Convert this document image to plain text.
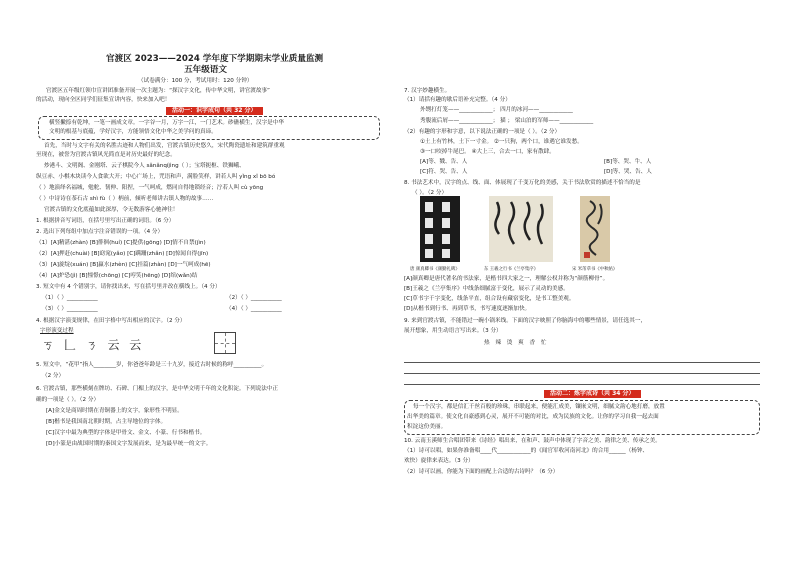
官渡区 2023——2024 学年度下学期期末学业质量监测
五年级语文
（试卷满分：100 分，考试用时：120 分钟）
官渡区五年级红领巾宣讲团准备开展一次主题为：“探汉字文化，传中华文明，讲官渡故事”
的活动，现向全区同学们征集宣讲内容，快来加入吧！
活动一：识字成句（共 32 分）
横竖撇捺有乾坤，一笔一画成文章。一字谷一月，万字一江，一门艺术。砂礁横生，汉字是中华
文明的根基与底蕴，学好汉字，方能领悟文化中华之美学问的真谛。
首先，当时与文字有关的名胜古迹和人物们出发，官渡古镇历史悠久，宋代陶瓷遗址和建筑群重观
至现在，被誉为官渡古镇风光简直是对历史最好的纪念。
炒港斗、文明阁、金刚塔、云子棋院今人 sǎnǎnqíjìng（ ）；宝塔扼枢、铁狮峨、
纵豆赤、小棋木块读今人食欲大开；中心广场上，咒语和声，满脸笑样，讲若人叫 yǐng xǐ bō bó
（ ）地演绎名福城，勉舵、韧伸、阳捏，一气呵成，燃同自得地锁经音；泞若人叫 cù yōng
（ ）中诗诗在茶石古 shì fù（ ）柄前，倾听老师讲古镇人物的故事……
官渡古镇的文化底蕴如此深厚，令无数游客心驰神往！
1. 根据拼音写词语，在括号里写出正确的词语。（6 分）
2. 选出下列每组中加点字注音错误的一项。（4 分）
（1）[A]精湛(zhàn) [B]徘徊(huí) [C]提供(gōng) [D]情不自禁(jìn)
（2）[A]押赶(chuài) [B]窈窕(yǎo) [C]蹒跚(zhǎn) [D]惊闻自得(jīn)
（3）[A]旋绽(xuán) [B]赢水(zhèn) [C]挂篇(zhàn) [D]一气呵成(hē)
（4）[A]炉恐(jì) [B]憧憬(chōng) [C]哼笑(hēng) [D]绾(wǎn)结
3. 短文中有 4 个错别字，请你找出来，写在括号里并改在横线上。（4 分）
（1）（ ）___________	（2）（ ）___________
（3）（ ）___________	（4）（ ）___________
4. 根据汉字演变规律，在田字格中写出相应的汉字。（2 分）
字形演变过程
ㄎ 𠃊 ㄋ 云 云
5. 短文中，“花甲”指人________岁，你爸爸年龄是三十九岁，接近古时候的称呼__________。
（2 分）
6. 官渡古镇，那些横刻在牌坊、石碑、门楣上的汉字，是中华文明千年的文化积淀。下列说法中正
确的一项是（ ）。（2 分）
[A]金文是商周时期在青铜器上的文字，象形性不明显。
[B]楷书是我国南北朝时期，占主导地位的字体。
[C]汉字中最为典型的字体是甲骨文、金文、小篆、行书和楷书。
[D]小篆是由战国时期的秦国文字发展而来，是为最早统一的文字。
7. 汉字妙趣横生。
（1）请括有趣的歇后语补充完整。（4 分）
外甥打灯笼——____________； 四月的冰河——____________
秀腹流后屑——____________； 猫 ； 梁山泊的军师——____________
（2）有趣的字形和字意，以下说法正确的一项是（ ）。（2 分）
①土上有竹林，土下一寸金。 ②一只狗，两个口，谁遇它谁发愁。
③一口咬掉牛尾巴。 ④大上三，合去一口，家有散肆。
[A]等、戮、告、人	[B]等、哭、牛、人
[C]符、哭、告、人	[D]等、哭、告、人
8. 书法艺术中，汉字的点、线、面、体展现了千变万化的美感，关于书法欣赏的描述不恰当的是
（ ）。（2 分）
唐 颜真卿书《颜勤礼碑》	东 王羲之行书《兰亭集序》	宋 米芾草书《中秋帖》
[A]颜真卿是唐代著名的书法家，是楷书四大家之一，理解公权并称为“颜筋柳骨”。
[B]王羲之《兰亭集序》中线条细腻富于变化，展示了灵动的美感。
[C]草书字千字变化，线条平直，组合设有藏宿变化，是书工整美观。
[D]从楷书到行书、再到草书，书写速度逐渐加快。
9. 来到官渡古镇，不能错过一碗小锅米线。下面的汉字映照了你脑海中的哪些情景，请任选其一，
展开想象，用生动语言写出来。（3 分）
热 辣 烫 爽 香 忙
活动二：炼字成诗（共 34 分）
每一个汉字，都是信汇千丝百般的珍珠，串联起来，便能汇成美，镶嵌文明，细腻文韵心地打磨，放置
出华美的篇章。使文化自豪感到心灵，展开不可能的对比，成为民族的文化。让你的学习自我一起去面
积淀这份美丽。
10. 云南玉溪师生合唱团带来《诗经》唱出来，在和声、鼓声中体现了字音之美、韵律之美、传承之美。
（1）诗可以唱，如果你准备唱____代____________的《闻官军收河南河北》的合用______（杨钟、
欢快）旋律来表达。（3 分）
（2）诗可以画，你能为下面的画配上合适的古诗吗？（6 分）
